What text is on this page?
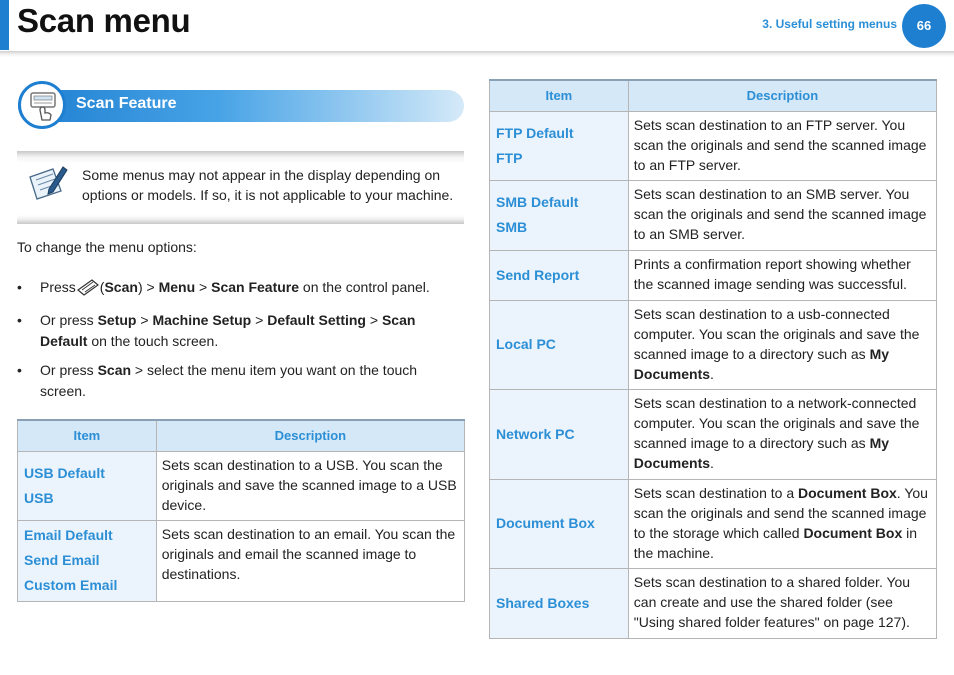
Scan menu	3. Useful setting menus	66
Scan Feature
Some menus may not appear in the display depending on options or models. If so, it is not applicable to your machine.
To change the menu options:
• Press (Scan) > Menu > Scan Feature on the control panel.
• Or press Setup > Machine Setup > Default Setting > Scan Default on the touch screen.
• Or press Scan > select the menu item you want on the touch screen.
Item	Description

USB Default
USB	Sets scan destination to a USB. You scan the originals and save the scanned image to a USB device.

Email Default
Send Email
Custom Email	Sets scan destination to an email. You scan the originals and email the scanned image to destinations.
Item	Description

FTP Default
FTP	Sets scan destination to an FTP server. You scan the originals and send the scanned image to an FTP server.

SMB Default
SMB	Sets scan destination to an SMB server. You scan the originals and send the scanned image to an SMB server.

Send Report	Prints a confirmation report showing whether the scanned image sending was successful.

Local PC	Sets scan destination to a usb-connected computer. You scan the originals and save the scanned image to a directory such as My Documents.

Network PC	Sets scan destination to a network-connected computer. You scan the originals and save the scanned image to a directory such as My Documents.

Document Box	Sets scan destination to a Document Box. You scan the originals and send the scanned image to the storage which called Document Box in the machine.

Shared Boxes	Sets scan destination to a shared folder. You can create and use the shared folder (see "Using shared folder features" on page 127).
